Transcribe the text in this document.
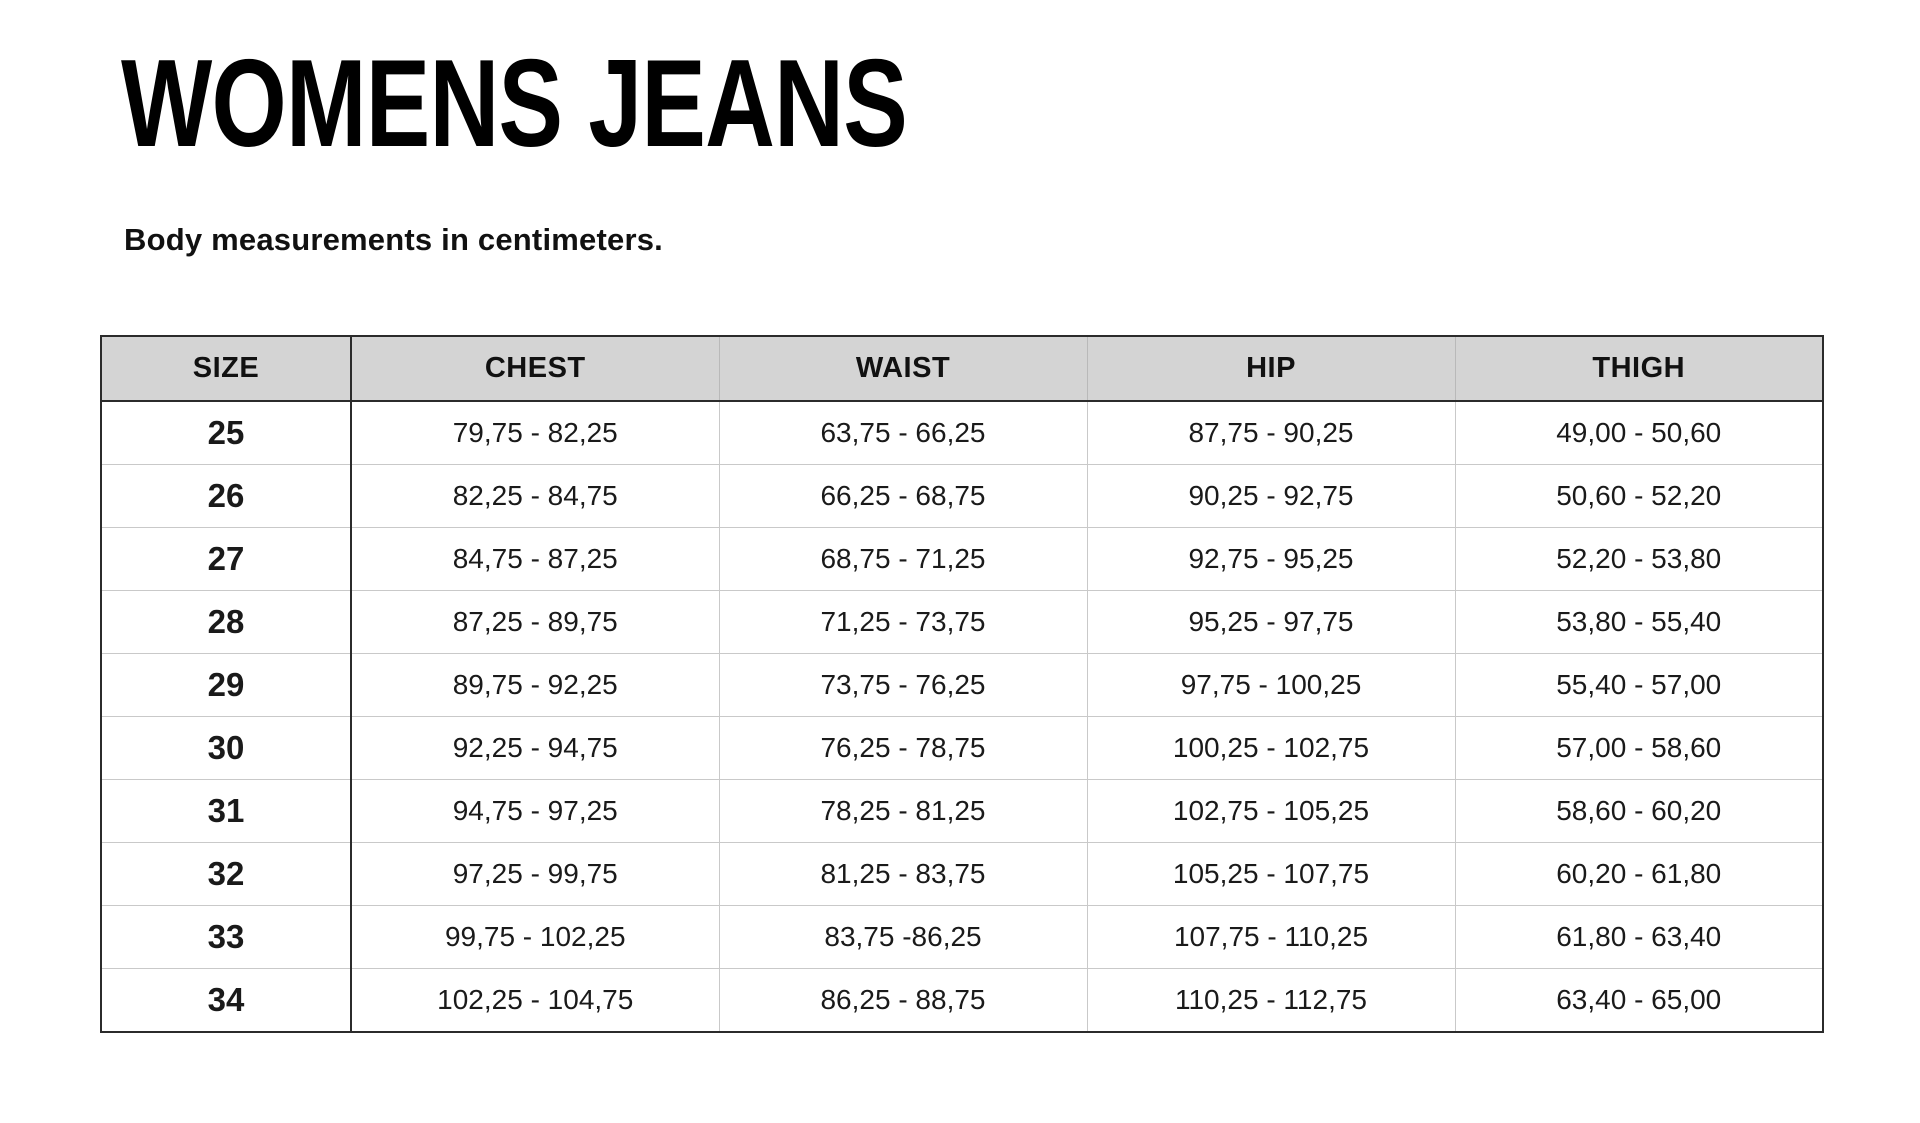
WOMENS JEANS
Body measurements in centimeters.
SIZE	CHEST	WAIST	HIP	THIGH
25	79,75 - 82,25	63,75 - 66,25	87,75 - 90,25	49,00 - 50,60
26	82,25 - 84,75	66,25 - 68,75	90,25 - 92,75	50,60 - 52,20
27	84,75 - 87,25	68,75 - 71,25	92,75 - 95,25	52,20 - 53,80
28	87,25 - 89,75	71,25 - 73,75	95,25 - 97,75	53,80 - 55,40
29	89,75 - 92,25	73,75 - 76,25	97,75 - 100,25	55,40 - 57,00
30	92,25 - 94,75	76,25 - 78,75	100,25 - 102,75	57,00 - 58,60
31	94,75 - 97,25	78,25 - 81,25	102,75 - 105,25	58,60 - 60,20
32	97,25 - 99,75	81,25 - 83,75	105,25 - 107,75	60,20 - 61,80
33	99,75 - 102,25	83,75 -86,25	107,75 - 110,25	61,80 - 63,40
34	102,25 - 104,75	86,25 - 88,75	110,25 - 112,75	63,40 - 65,00
